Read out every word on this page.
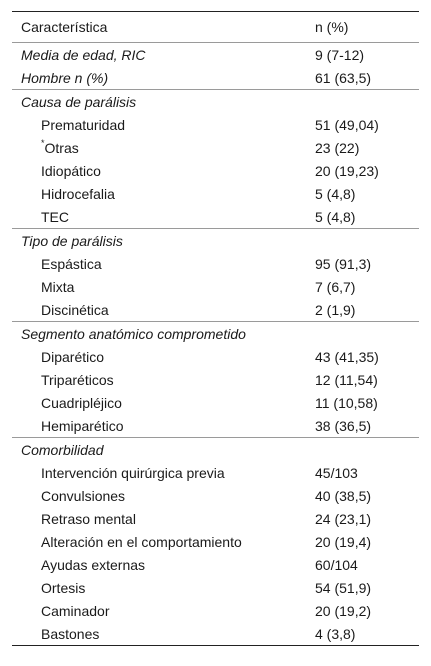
Característica	n (%)
Media de edad, RIC	9 (7-12)
Hombre n (%)	61 (63,5)
Causa de parálisis	
Prematuridad	51 (49,04)
*Otras	23 (22)
Idiopático	20 (19,23)
Hidrocefalia	5 (4,8)
TEC	5 (4,8)
Tipo de parálisis	
Espástica	95 (91,3)
Mixta	7 (6,7)
Discinética	2 (1,9)
Segmento anatómico comprometido	
Diparético	43 (41,35)
Triparéticos	12 (11,54)
Cuadripléjico	11 (10,58)
Hemiparético	38 (36,5)
Comorbilidad	
Intervención quirúrgica previa	45/103
Convulsiones	40 (38,5)
Retraso mental	24 (23,1)
Alteración en el comportamiento	20 (19,4)
Ayudas externas	60/104
Ortesis	54 (51,9)
Caminador	20 (19,2)
Bastones	4 (3,8)
